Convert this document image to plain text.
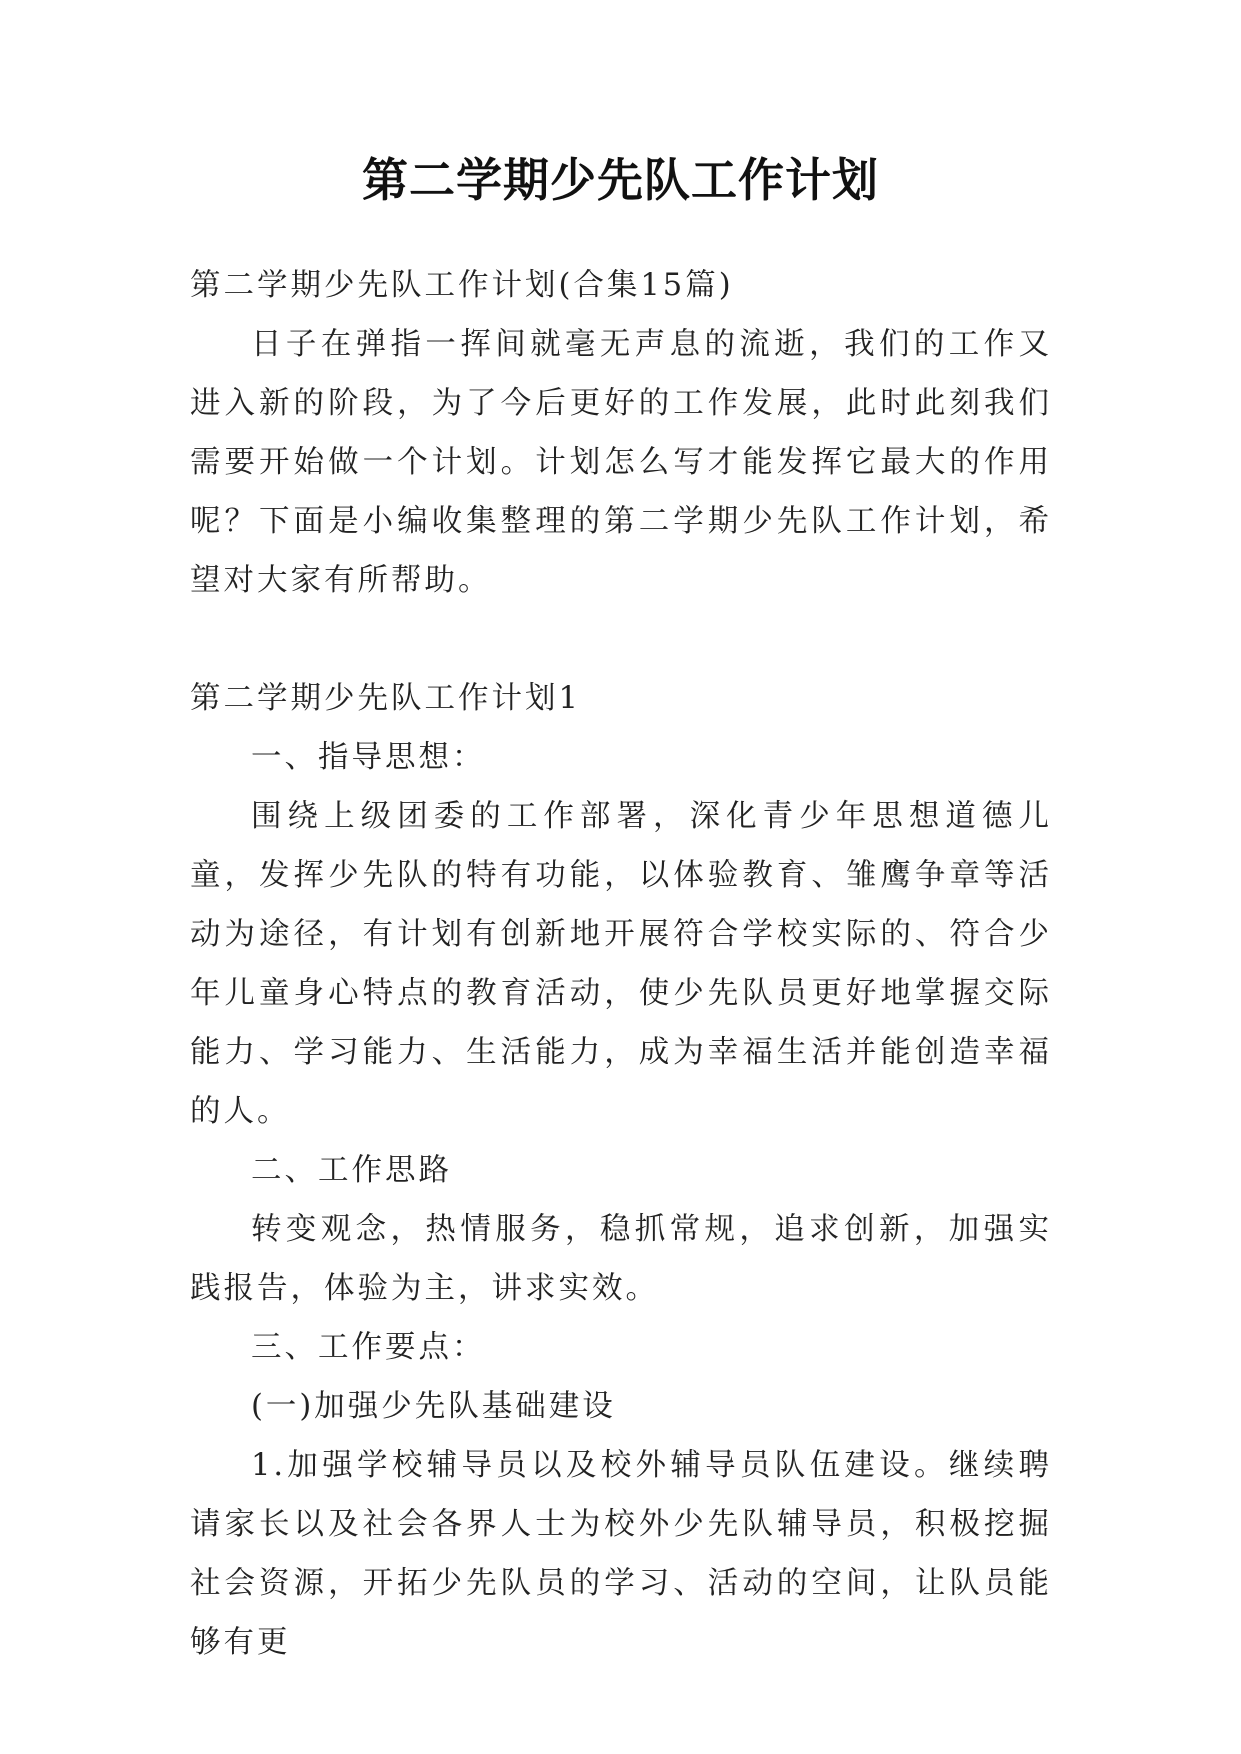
第二学期少先队工作计划

第二学期少先队工作计划(合集15篇)

日子在弹指一挥间就毫无声息的流逝，我们的工作又进入新的阶段，为了今后更好的工作发展，此时此刻我们需要开始做一个计划。计划怎么写才能发挥它最大的作用呢？下面是小编收集整理的第二学期少先队工作计划，希望对大家有所帮助。

第二学期少先队工作计划1

一、指导思想：

围绕上级团委的工作部署，深化青少年思想道德儿童，发挥少先队的特有功能，以体验教育、雏鹰争章等活动为途径，有计划有创新地开展符合学校实际的、符合少年儿童身心特点的教育活动，使少先队员更好地掌握交际能力、学习能力、生活能力，成为幸福生活并能创造幸福的人。

二、工作思路

转变观念，热情服务，稳抓常规，追求创新，加强实践报告，体验为主，讲求实效。

三、工作要点：

(一)加强少先队基础建设

1.加强学校辅导员以及校外辅导员队伍建设。继续聘请家长以及社会各界人士为校外少先队辅导员，积极挖掘社会资源，开拓少先队员的学习、活动的空间，让队员能够有更
